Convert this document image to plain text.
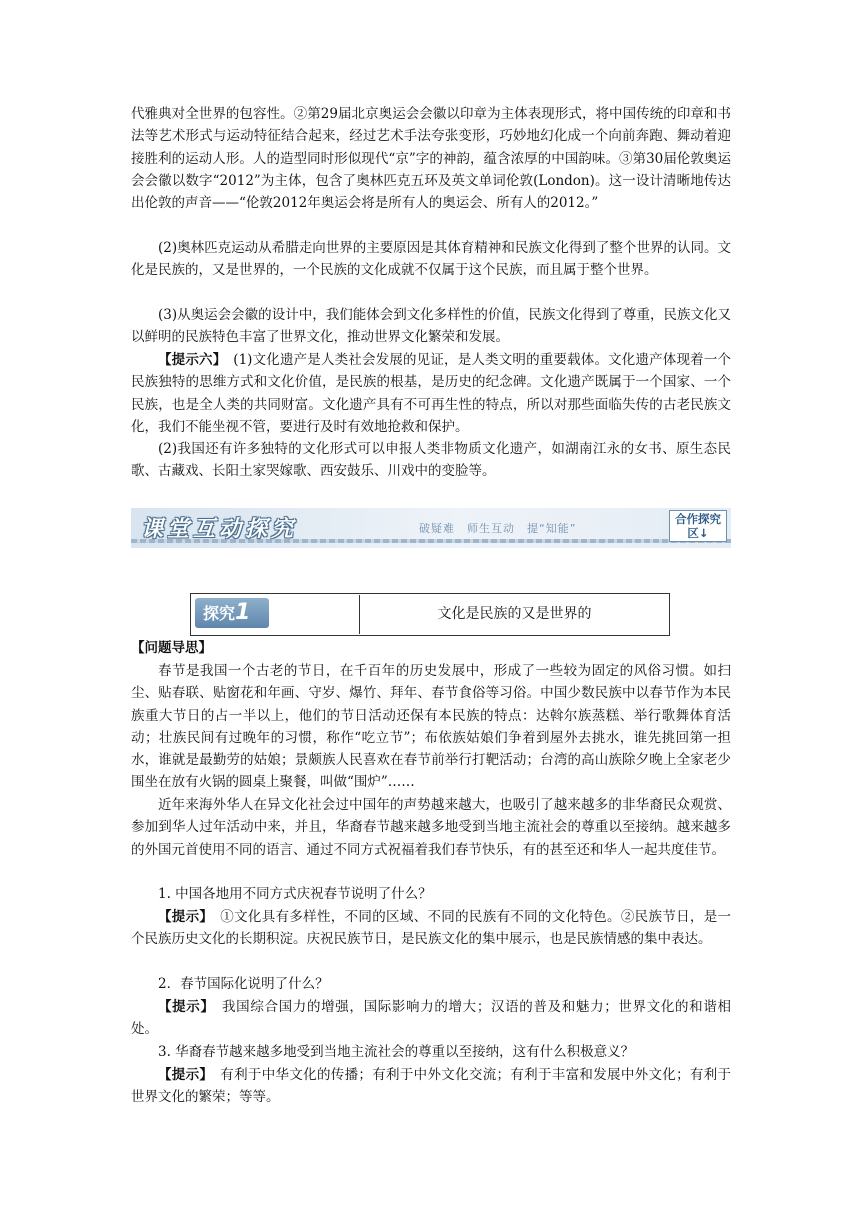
代雅典对全世界的包容性。②第29届北京奥运会会徽以印章为主体表现形式，将中国传统的印章和书法等艺术形式与运动特征结合起来，经过艺术手法夸张变形，巧妙地幻化成一个向前奔跑、舞动着迎接胜利的运动人形。人的造型同时形似现代“京”字的神韵，蕴含浓厚的中国韵味。③第30届伦敦奥运会会徽以数字“2012”为主体，包含了奥林匹克五环及英文单词伦敦(London)。这一设计清晰地传达出伦敦的声音——“伦敦2012年奥运会将是所有人的奥运会、所有人的2012。”

(2)奥林匹克运动从希腊走向世界的主要原因是其体育精神和民族文化得到了整个世界的认同。文化是民族的，又是世界的，一个民族的文化成就不仅属于这个民族，而且属于整个世界。

(3)从奥运会会徽的设计中，我们能体会到文化多样性的价值，民族文化得到了尊重，民族文化又以鲜明的民族特色丰富了世界文化，推动世界文化繁荣和发展。

【提示六】　(1)文化遗产是人类社会发展的见证，是人类文明的重要载体。文化遗产体现着一个民族独特的思维方式和文化价值，是民族的根基，是历史的纪念碑。文化遗产既属于一个国家、一个民族，也是全人类的共同财富。文化遗产具有不可再生性的特点，所以对那些面临失传的古老民族文化，我们不能坐视不管，要进行及时有效地抢救和保护。

(2)我国还有许多独特的文化形式可以申报人类非物质文化遗产，如湖南江永的女书、原生态民歌、古藏戏、长阳土家哭嫁歌、西安鼓乐、川戏中的变脸等。

课堂互动探究	破疑难　师生互动　提“知能”
合作探究区↓
探究1	文化是民族的又是世界的

【问题导思】

春节是我国一个古老的节日，在千百年的历史发展中，形成了一些较为固定的风俗习惯。如扫尘、贴春联、贴窗花和年画、守岁、爆竹、拜年、春节食俗等习俗。中国少数民族中以春节作为本民族重大节日的占一半以上，他们的节日活动还保有本民族的特点：达斡尔族蒸糕、举行歌舞体育活动；壮族民间有过晚年的习惯，称作“吃立节”；布依族姑娘们争着到屋外去挑水，谁先挑回第一担水，谁就是最勤劳的姑娘；景颇族人民喜欢在春节前举行打靶活动；台湾的高山族除夕晚上全家老少围坐在放有火锅的圆桌上聚餐，叫做“围炉”……

近年来海外华人在异文化社会过中国年的声势越来越大，也吸引了越来越多的非华裔民众观赏、参加到华人过年活动中来，并且，华裔春节越来越多地受到当地主流社会的尊重以至接纳。越来越多的外国元首使用不同的语言、通过不同方式祝福着我们春节快乐，有的甚至还和华人一起共度佳节。

1. 中国各地用不同方式庆祝春节说明了什么？

【提示】　①文化具有多样性，不同的区域、不同的民族有不同的文化特色。②民族节日，是一个民族历史文化的长期积淀。庆祝民族节日，是民族文化的集中展示，也是民族情感的集中表达。

2．春节国际化说明了什么？

【提示】　我国综合国力的增强，国际影响力的增大；汉语的普及和魅力；世界文化的和谐相处。

3. 华裔春节越来越多地受到当地主流社会的尊重以至接纳，这有什么积极意义？

【提示】　有利于中华文化的传播；有利于中外文化交流；有利于丰富和发展中外文化；有利于世界文化的繁荣；等等。
